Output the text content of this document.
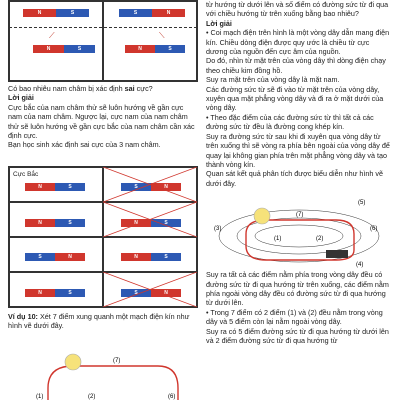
N	S	S	N
N	S	N	S
⟋	⟍

Có bao nhiêu nam châm bị xác định sai cực?

Lời giải

Cực bắc của nam châm thử sẽ luôn hướng về gần cực nam của nam châm. Ngược lại, cực nam của nam châm thử sẽ luôn hướng về gần cực bắc của nam châm cần xác định cực.

Bạn học sinh xác định sai cực của 3 nam châm.

Cực Bắc
N	S	S	N
N	S	N	S
S	N	N	S
N	S	S	N

Ví dụ 10: Xét 7 điểm xung quanh một mạch điện kín như hình vẽ dưới đây.

(7)
(1)	(2)	(6)

từ hướng từ dưới lên và số điểm có đường sức từ đi qua với chiều hướng từ trên xuống bằng bao nhiêu?

Lời giải

• Coi mạch điện trên hình là một vòng dây dẫn mang điện kín. Chiều dòng điện được quy ước là chiều từ cực dương của nguồn đến cực âm của nguồn.

Do đó, nhìn từ mặt trên của vòng dây thì dòng điện chạy theo chiều kim đồng hồ.

Suy ra mặt trên của vòng dây là mặt nam.

Các đường sức từ sẽ đi vào từ mặt trên của vòng dây, xuyên qua mặt phẳng vòng dây và đi ra ở mặt dưới của vòng dây.

• Theo đặc điểm của các đường sức từ thì tất cả các đường sức từ đều là đường cong khép kín.

Suy ra đường sức từ sau khi đi xuyên qua vòng dây từ trên xuống thì sẽ vòng ra phía bên ngoài của vòng dây để quay lại không gian phía trên mặt phẳng vòng dây và tạo thành vòng kín.

Quan sát kết quả phân tích được biểu diễn như hình vẽ dưới đây.

(7)
(5)
(6)
(1)	(2)
(3)
(4)

Suy ra tất cả các điểm nằm phía trong vòng dây đều có đường sức từ đi qua hướng từ trên xuống, các điểm nằm phía ngoài vòng dây đều có đường sức từ đi qua hướng từ dưới lên.

• Trong 7 điểm có 2 điểm (1) và (2) đều nằm trong vòng dây và 5 điểm còn lại nằm ngoài vòng dây.

Suy ra có 5 điểm đường sức từ đi qua hướng từ dưới lên và 2 điểm đường sức từ đi qua hướng từ
